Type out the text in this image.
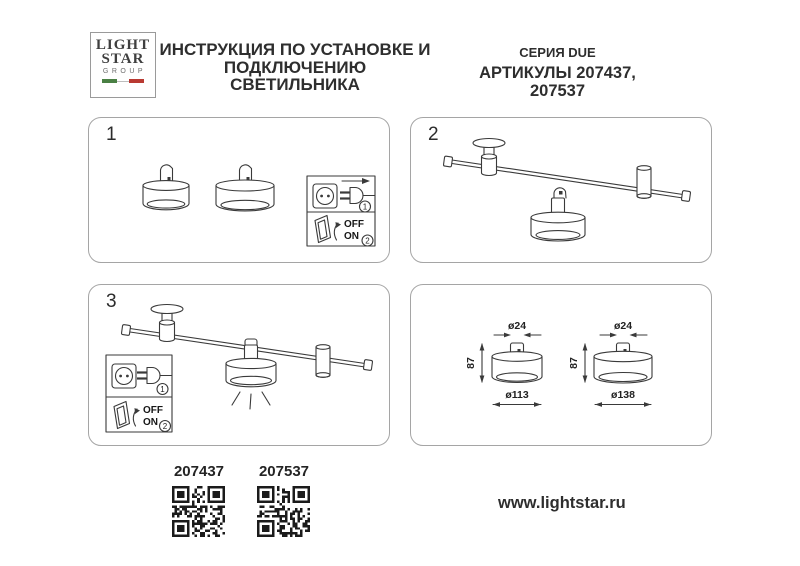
LIGHT
STAR
GROUP
ИНСТРУКЦИЯ ПО УСТАНОВКЕ И
ПОДКЛЮЧЕНИЮ СВЕТИЛЬНИКА
СЕРИЯ DUE
АРТИКУЛЫ 207437,
207537
1
1
OFF
ON 2
2
3
1
OFF
ON 2
ø24
87
ø113
ø24
87
ø138
207437 207537
www.lightstar.ru
